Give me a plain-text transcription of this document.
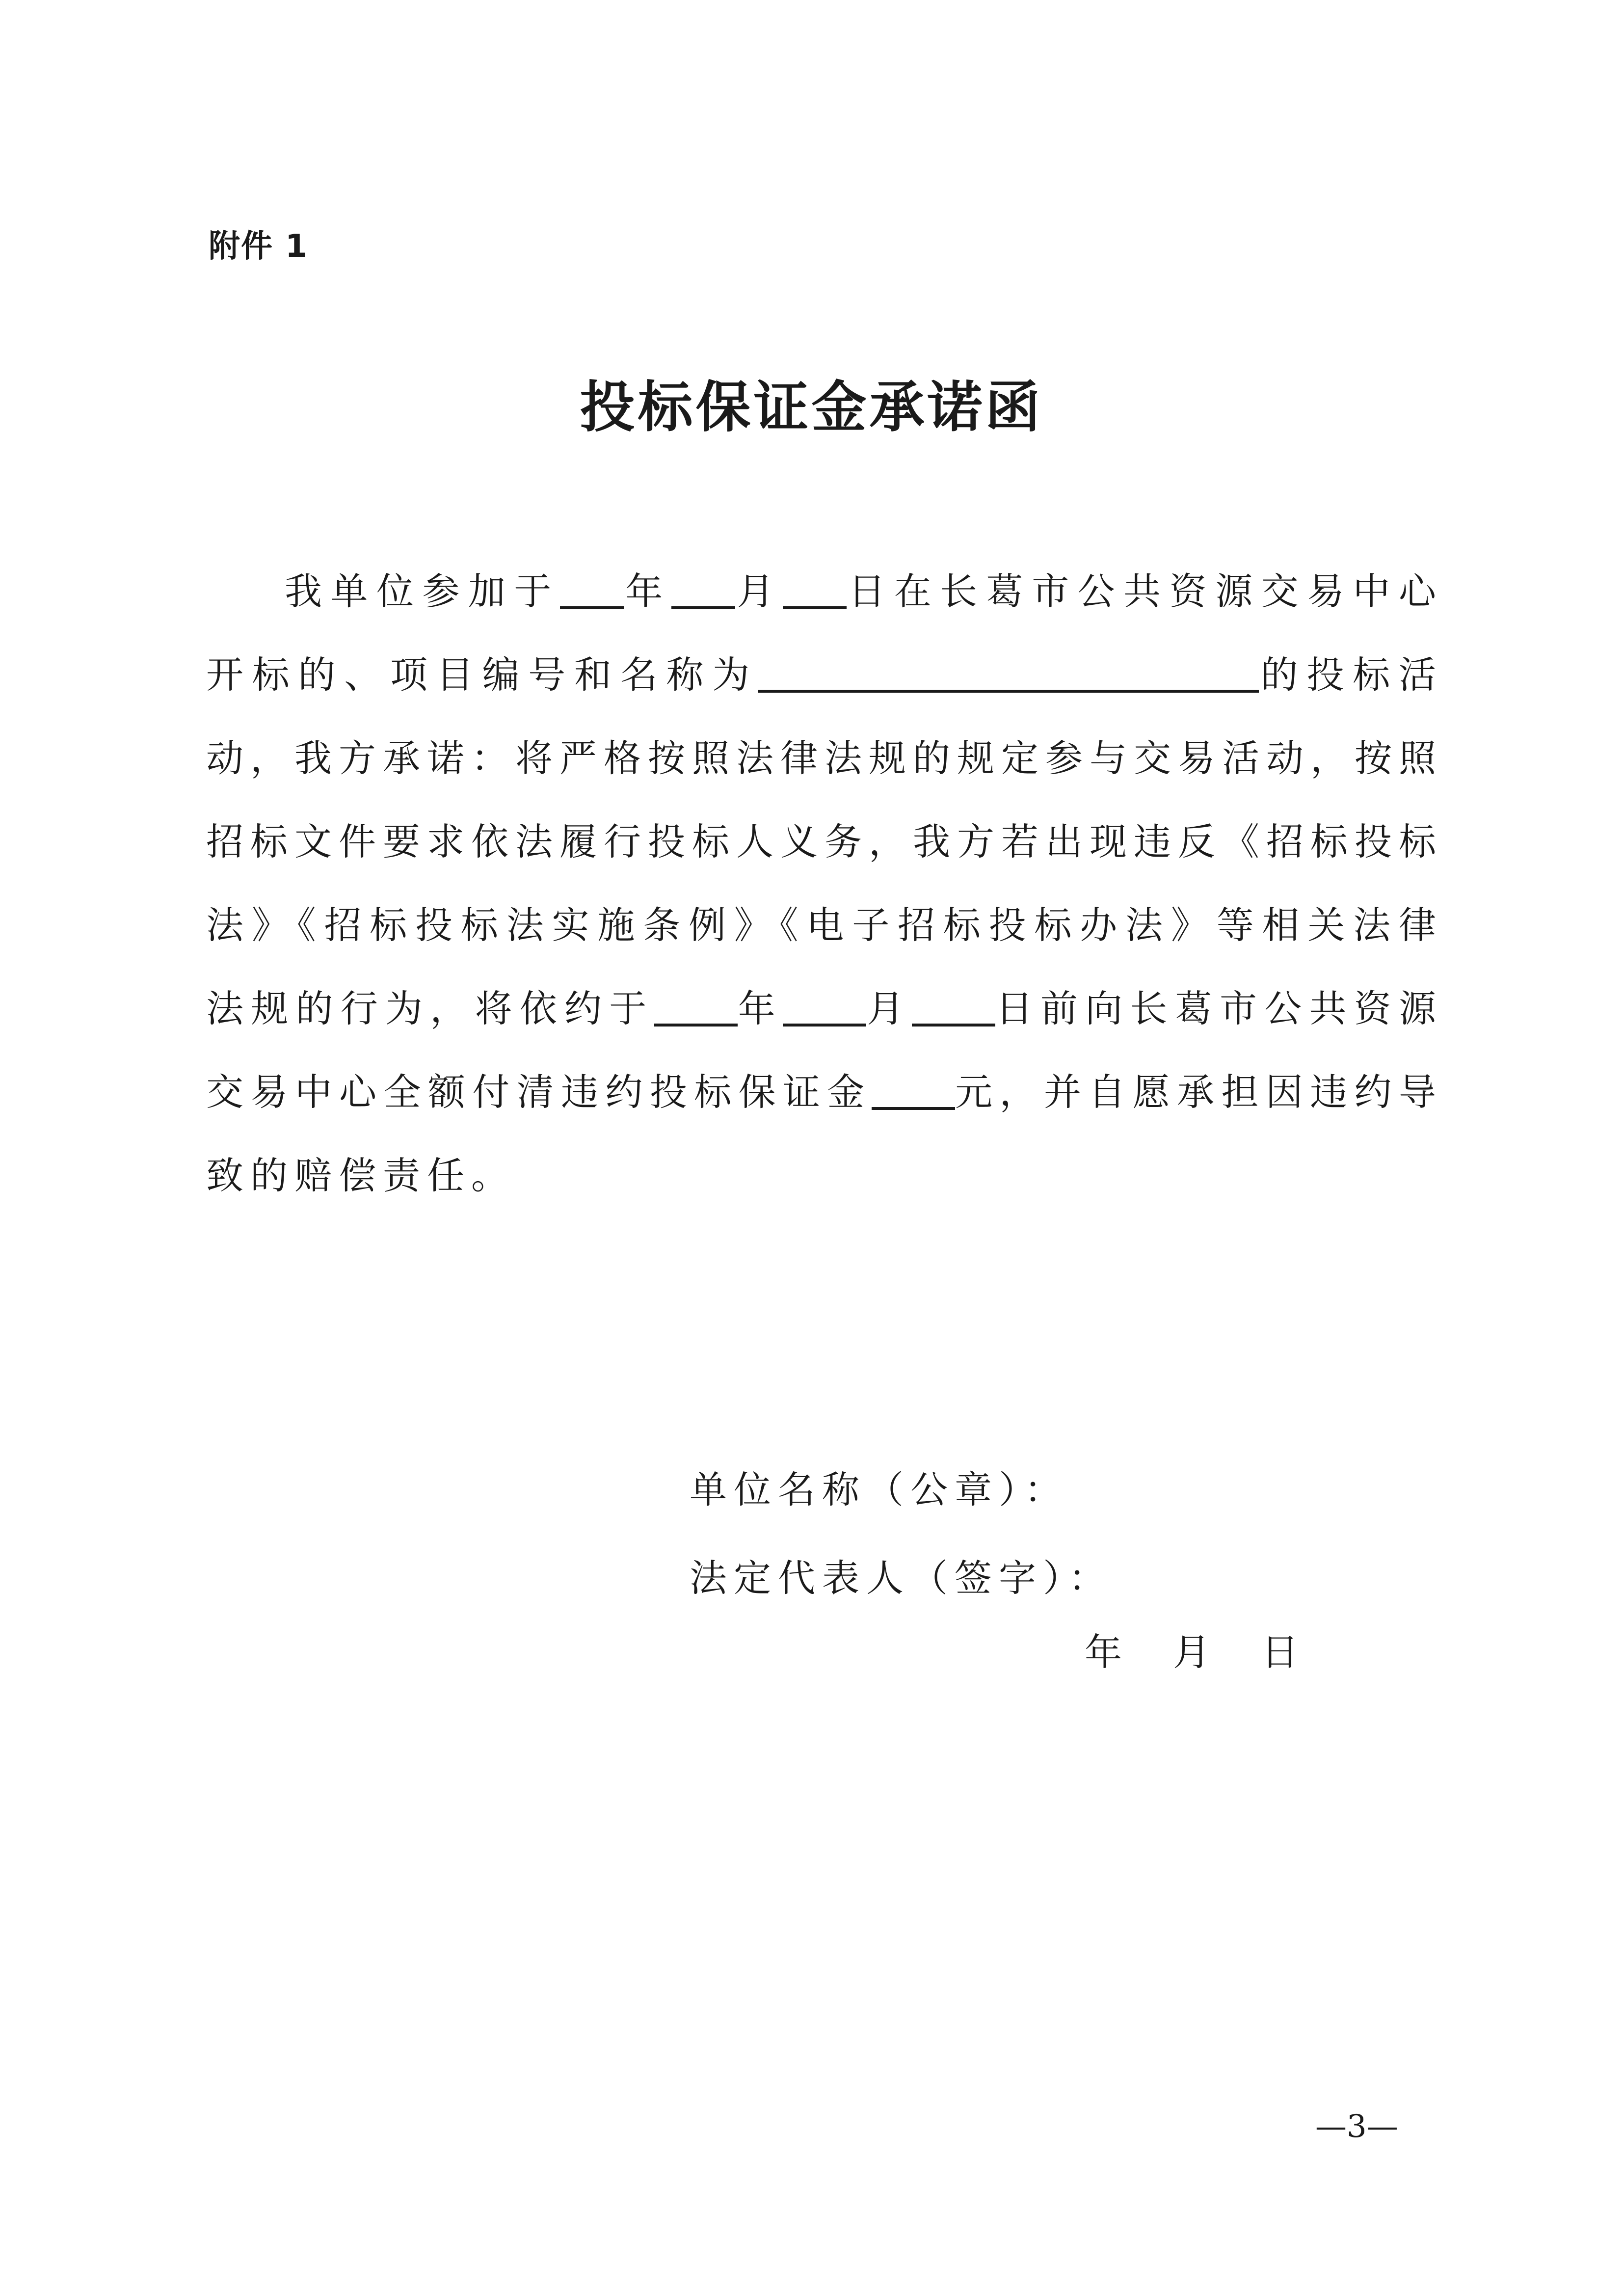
附件 1
投标保证金承诺函

我单位参加于 年 月 日在长葛市公共资源交易中心开标的、项目编号和名称为	的投标活动，我方承诺：将严格按照法律法规的规定参与交易活动，按照招标文件要求依法履行投标人义务，我方若出现违反《招标投标法》《招标投标法实施条例》《电子招标投标办法》等相关法律法规的行为，将依约于 年 月 日前向长葛市公共资源交易中心全额付清违约投标保证金 元，并自愿承担因违约导致的赔偿责任。

单位名称（公章）：

法定代表人（签字）：

年 月 日
—3—
